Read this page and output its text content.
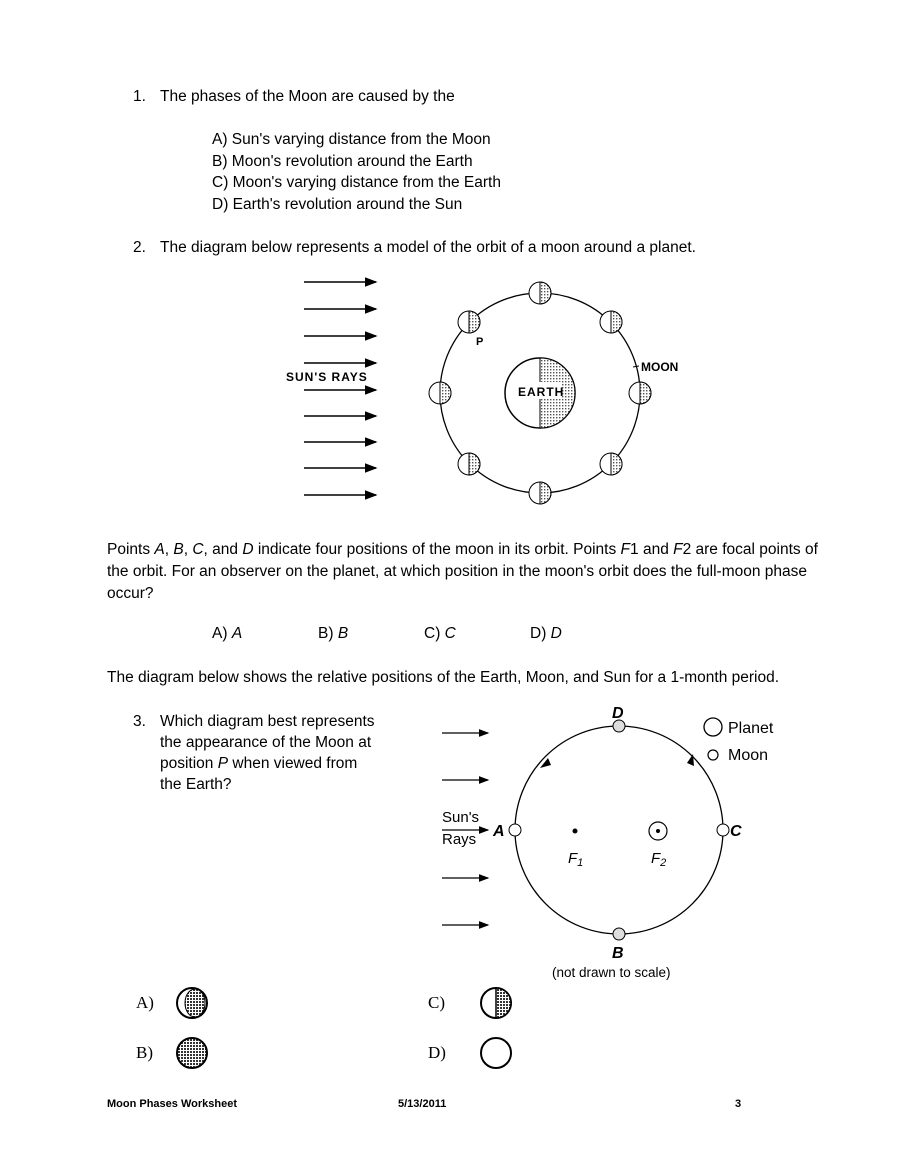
1. The phases of the Moon are caused by the
A) Sun's varying distance from the Moon
B) Moon's revolution around the Earth
C) Moon's varying distance from the Earth
D) Earth's revolution around the Sun
2. The diagram below represents a model of the orbit of a moon around a planet.
SUN'S RAYS
EARTH
MOON
P
Points A, B, C, and D indicate four positions of the moon in its orbit. Points F1 and F2 are focal points of the orbit. For an observer on the planet, at which position in the moon's orbit does the full-moon phase occur?
A) A	B) B	C) C	D) D
The diagram below shows the relative positions of the Earth, Moon, and Sun for a 1-month period.
3. Which diagram best represents
the appearance of the Moon at
position P when viewed from
the Earth?
Sun's
Rays
D
B
A	C
$F_1$	$F_2$
(not drawn to scale)
Planet
Moon
A)
B)
C)
D)
Moon Phases Worksheet	5/13/2011	3
